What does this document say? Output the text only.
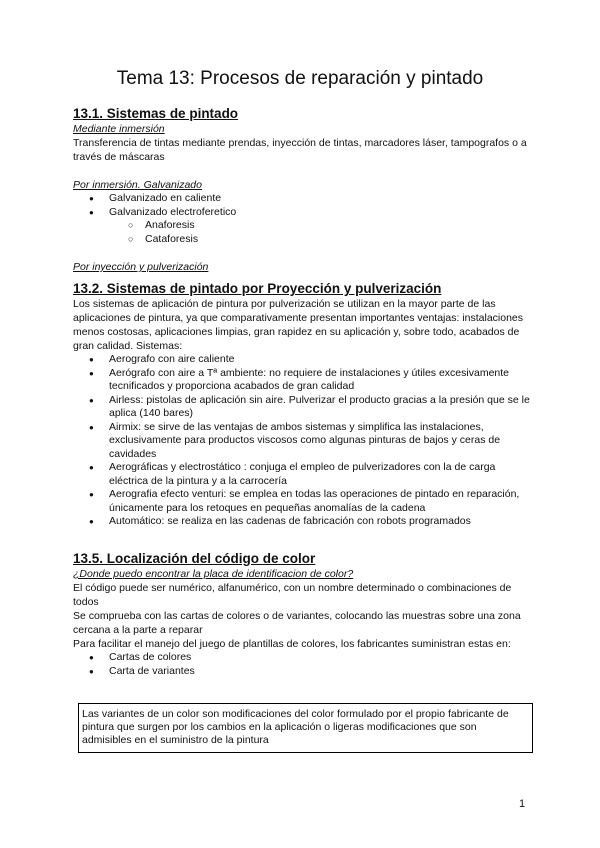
Tema 13: Procesos de reparación y pintado
13.1. Sistemas de pintado
Mediante inmersión

Transferencia de tintas mediante prendas, inyección de tintas, marcadores láser, tampografos o a través de máscaras

Por inmersión. Galvanizado
● Galvanizado en caliente
● Galvanizado electroferetico
○ Anaforesis
○ Cataforesis
Por inyección y pulverización
13.2. Sistemas de pintado por Proyección y pulverización

Los sistemas de aplicación de pintura por pulverización se utilizan en la mayor parte de las aplicaciones de pintura, ya que comparativamente presentan importantes ventajas: instalaciones menos costosas, aplicaciones limpias, gran rapidez en su aplicación y, sobre todo, acabados de gran calidad. Sistemas:

● Aerografo con aire caliente
● Aerógrafo con aire a Tª ambiente: no requiere de instalaciones y útiles excesivamente tecnificados y proporciona acabados de gran calidad
● Airless: pistolas de aplicación sin aire. Pulverizar el producto gracias a la presión que se le aplica (140 bares)
● Airmix: se sirve de las ventajas de ambos sistemas y simplifica las instalaciones, exclusivamente para productos viscosos como algunas pinturas de bajos y ceras de cavidades
● Aerográficas y electrostático : conjuga el empleo de pulverizadores con la de carga eléctrica de la pintura y a la carrocería
● Aerografia efecto venturi: se emplea en todas las operaciones de pintado en reparación, únicamente para los retoques en pequeñas anomalías de la cadena
● Automático: se realiza en las cadenas de fabricación con robots programados
13.5. Localización del código de color
¿Donde puedo encontrar la placa de identificacion de color?

El código puede ser numérico, alfanumérico, con un nombre determinado o combinaciones de todos

Se comprueba con las cartas de colores o de variantes, colocando las muestras sobre una zona cercana a la parte a reparar

Para facilitar el manejo del juego de plantillas de colores, los fabricantes suministran estas en:

● Cartas de colores
● Carta de variantes

Las variantes de un color son modificaciones del color formulado por el propio fabricante de pintura que surgen por los cambios en la aplicación o ligeras modificaciones que son admisibles en el suministro de la pintura

1
